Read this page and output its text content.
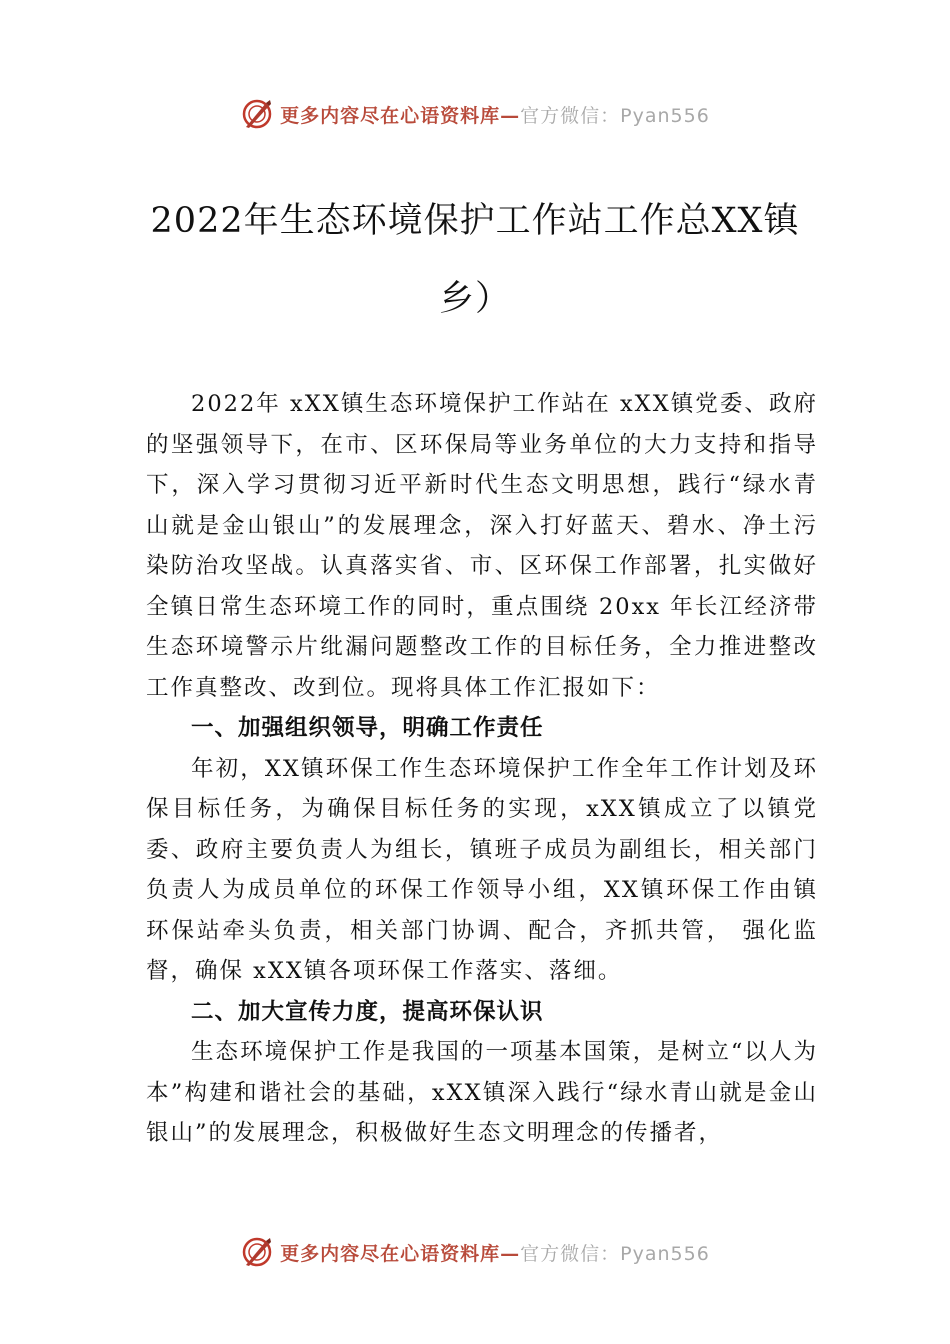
更多内容尽在心语资料库— 官方微信：Pyan556
2022年生态环境保护工作站工作总XX镇
乡）

2022年 xXX镇生态环境保护工作站在 xXX镇党委、政府的坚强领导下，在市、区环保局等业务单位的大力支持和指导下，深入学习贯彻习近平新时代生态文明思想，践行“绿水青山就是金山银山”的发展理念，深入打好蓝天、碧水、净土污染防治攻坚战。认真落实省、市、区环保工作部署，扎实做好全镇日常生态环境工作的同时，重点围绕 20xx 年长江经济带生态环境警示片纰漏问题整改工作的目标任务，全力推进整改工作真整改、改到位。现将具体工作汇报如下：

一、加强组织领导，明确工作责任

年初，XX镇环保工作生态环境保护工作全年工作计划及环保目标任务，为确保目标任务的实现，xXX镇成立了以镇党委、政府主要负责人为组长，镇班子成员为副组长，相关部门负责人为成员单位的环保工作领导小组，XX镇环保工作由镇环保站牵头负责，相关部门协调、配合，齐抓共管， 强化监督，确保 xXX镇各项环保工作落实、落细。

二、加大宣传力度，提高环保认识

生态环境保护工作是我国的一项基本国策，是树立“以人为本”构建和谐社会的基础，xXX镇深入践行“绿水青山就是金山银山”的发展理念，积极做好生态文明理念的传播者，

更多内容尽在心语资料库— 官方微信：Pyan556
